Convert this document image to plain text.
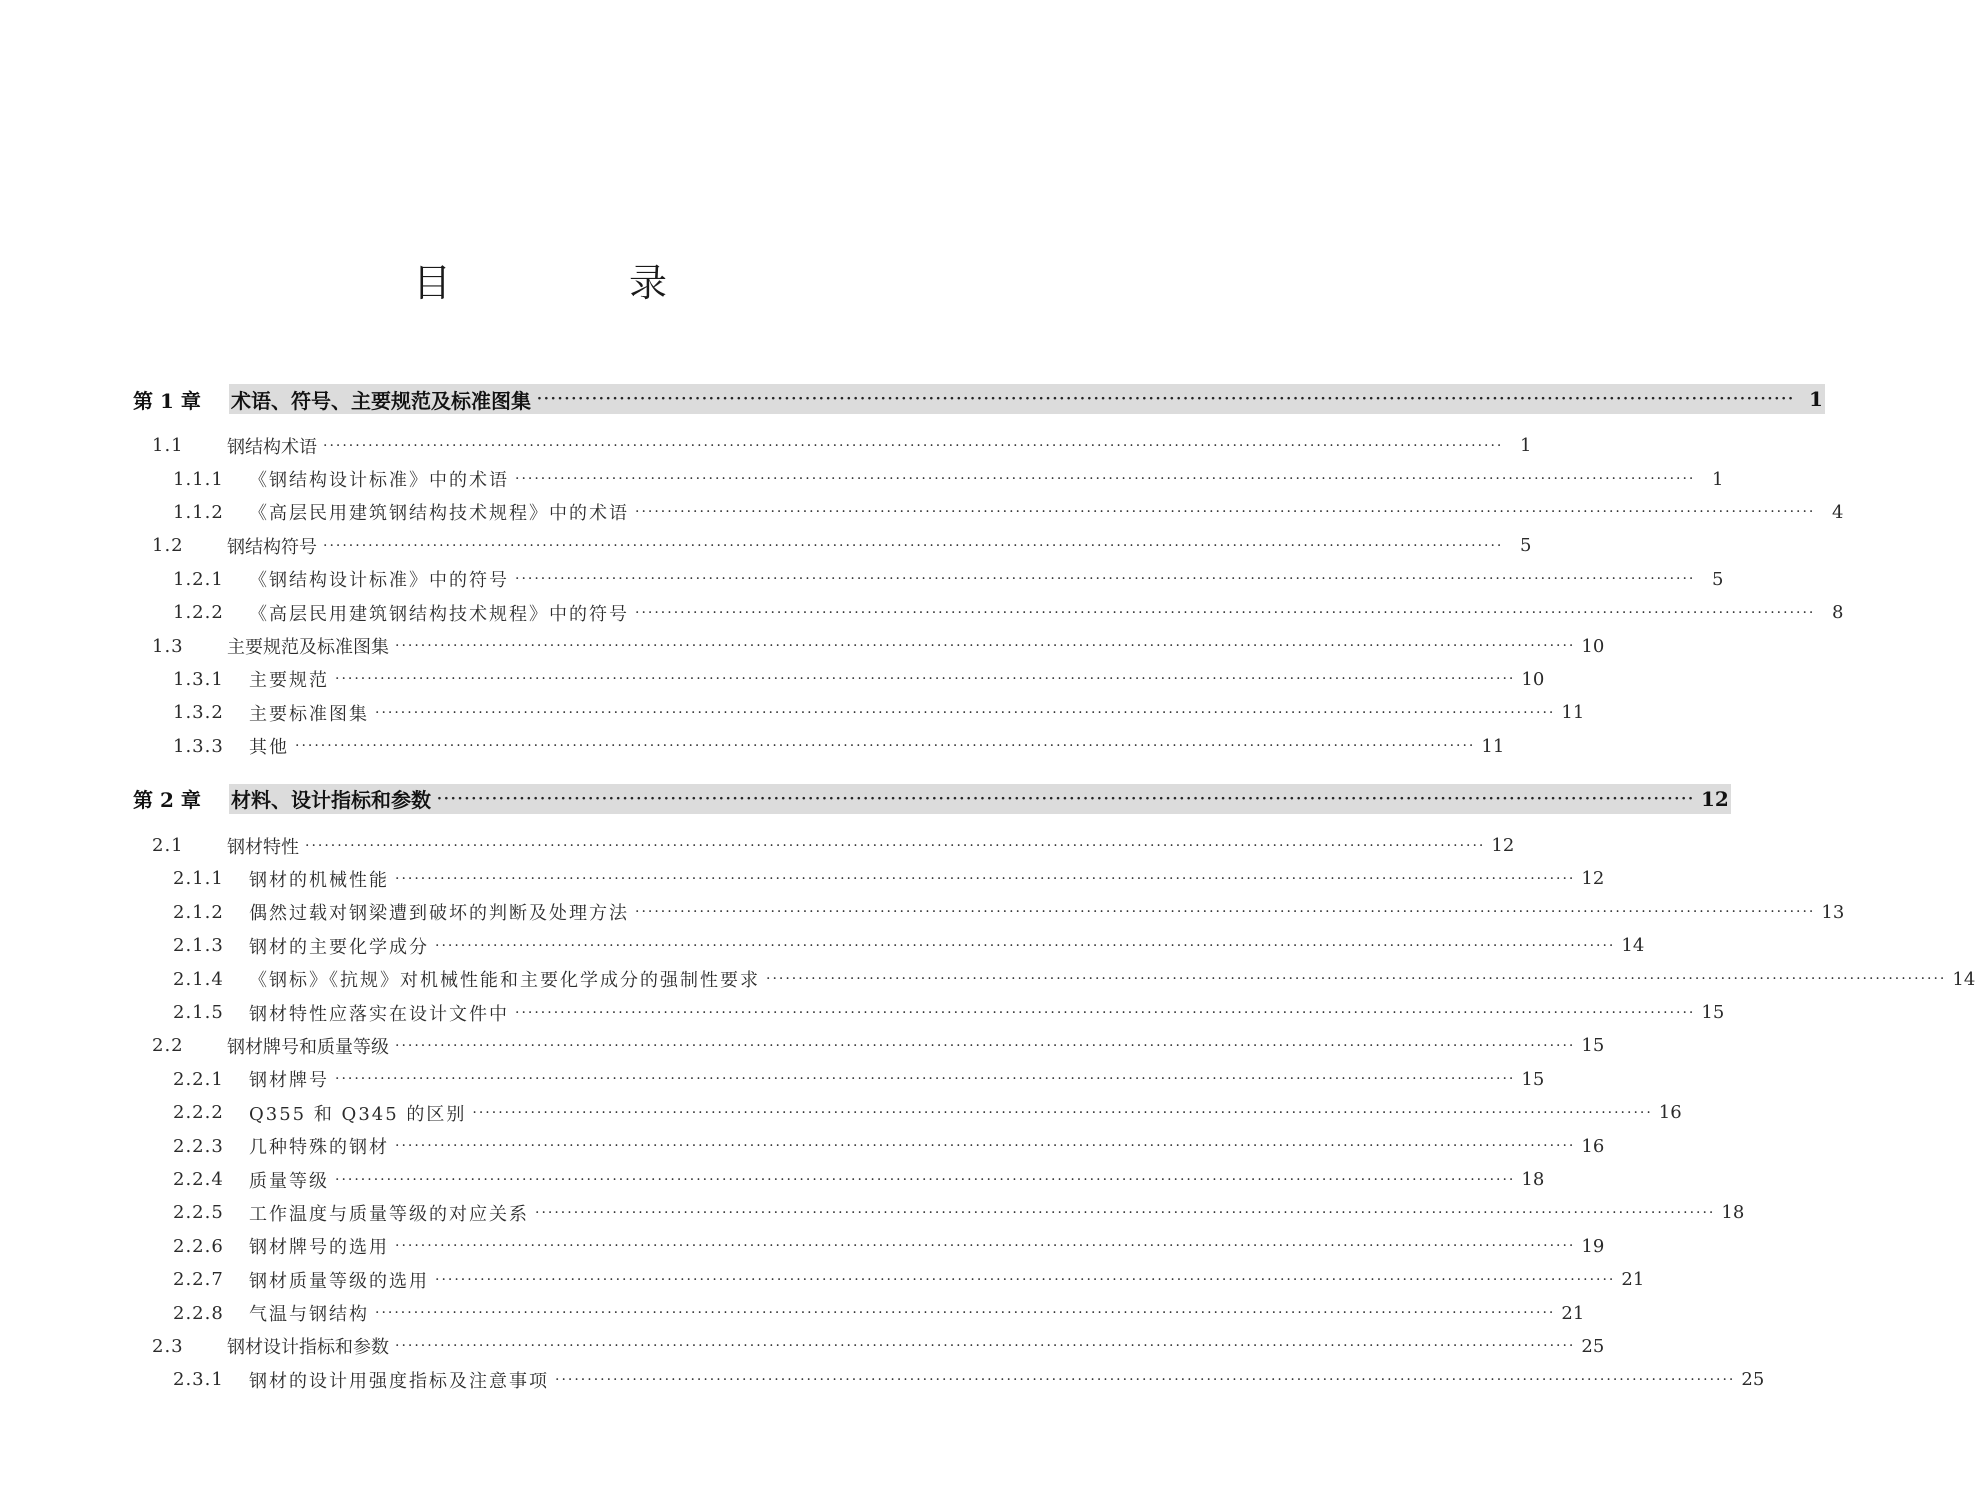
目　录
第 1 章	术语、符号、主要规范及标准图集 ·····	1
1.1	钢结构术语 ·····	1
1.1.1	《钢结构设计标准》中的术语 ·····	1
1.1.2	《高层民用建筑钢结构技术规程》中的术语 ·····	4
1.2	钢结构符号 ·····	5
1.2.1	《钢结构设计标准》中的符号 ·····	5
1.2.2	《高层民用建筑钢结构技术规程》中的符号 ·····	8
1.3	主要规范及标准图集 ·····	10
1.3.1	主要规范 ·····	10
1.3.2	主要标准图集 ·····	11
1.3.3	其他 ·····	11
第 2 章	材料、设计指标和参数 ·····	12
2.1	钢材特性 ·····	12
2.1.1	钢材的机械性能 ·····	12
2.1.2	偶然过载对钢梁遭到破坏的判断及处理方法 ·····	13
2.1.3	钢材的主要化学成分 ·····	14
2.1.4	《钢标》《抗规》对机械性能和主要化学成分的强制性要求 ·····	14
2.1.5	钢材特性应落实在设计文件中 ·····	15
2.2	钢材牌号和质量等级 ·····	15
2.2.1	钢材牌号 ·····	15
2.2.2	Q355 和 Q345 的区别 ·····	16
2.2.3	几种特殊的钢材 ·····	16
2.2.4	质量等级 ·····	18
2.2.5	工作温度与质量等级的对应关系 ·····	18
2.2.6	钢材牌号的选用 ·····	19
2.2.7	钢材质量等级的选用 ·····	21
2.2.8	气温与钢结构 ·····	21
2.3	钢材设计指标和参数 ·····	25
2.3.1	钢材的设计用强度指标及注意事项 ·····	25
